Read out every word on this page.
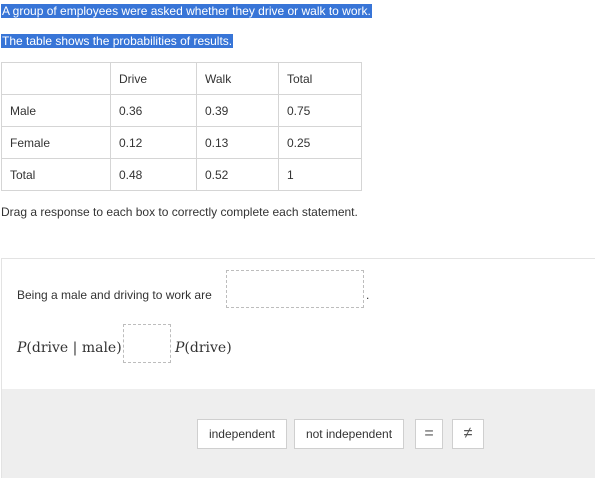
A group of employees were asked whether they drive or walk to work.
The table shows the probabilities of results.
	Drive	Walk	Total
Male	0.36	0.39	0.75
Female	0.12	0.13	0.25
Total	0.48	0.52	1
Drag a response to each box to correctly complete each statement.
Being a male and driving to work are	.
P(drive | male)	P(drive)
independent	not independent	=	≠
